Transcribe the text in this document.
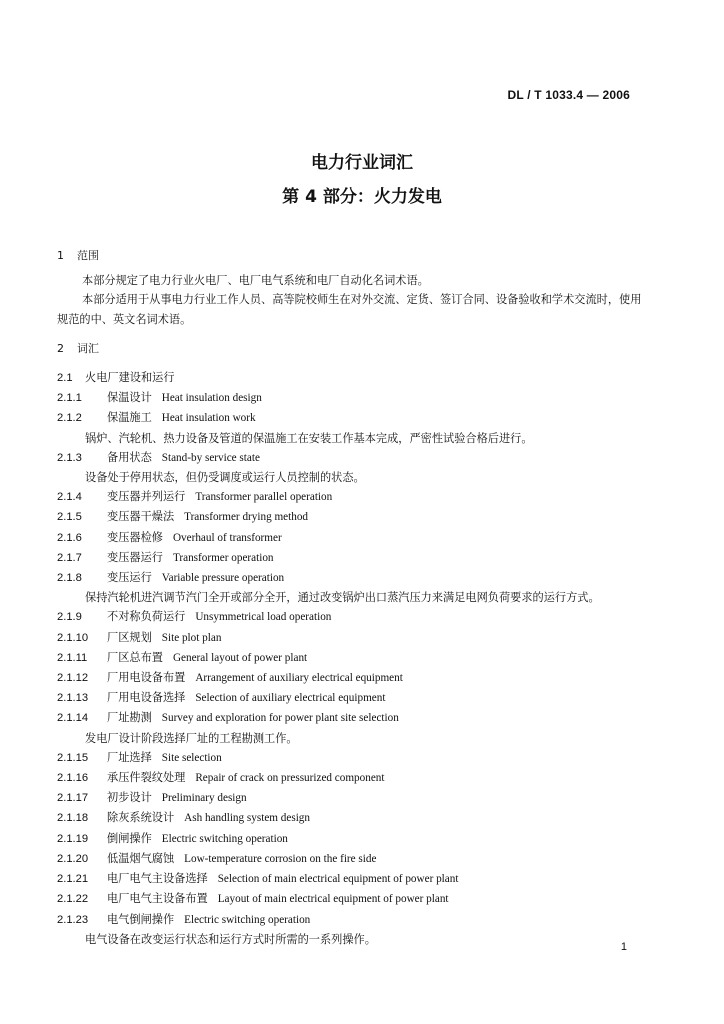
DL / T 1033.4 — 2006
电力行业词汇
第 4 部分：火力发电
1 范围
本部分规定了电力行业火电厂、电厂电气系统和电厂自动化名词术语。
本部分适用于从事电力行业工作人员、高等院校师生在对外交流、定货、签订合同、设备验收和学术交流时，使用规范的中、英文名词术语。
2 词汇
2.1 火电厂建设和运行
2.1.1 保温设计 Heat insulation design
2.1.2 保温施工 Heat insulation work
锅炉、汽轮机、热力设备及管道的保温施工在安装工作基本完成，严密性试验合格后进行。
2.1.3 备用状态 Stand-by service state
设备处于停用状态，但仍受调度或运行人员控制的状态。
2.1.4 变压器并列运行 Transformer parallel operation
2.1.5 变压器干燥法 Transformer drying method
2.1.6 变压器检修 Overhaul of transformer
2.1.7 变压器运行 Transformer operation
2.1.8 变压运行 Variable pressure operation
保持汽轮机进汽调节汽门全开或部分全开，通过改变锅炉出口蒸汽压力来满足电网负荷要求的运行方式。
2.1.9 不对称负荷运行 Unsymmetrical load operation
2.1.10 厂区规划 Site plot plan
2.1.11 厂区总布置 General layout of power plant
2.1.12 厂用电设备布置 Arrangement of auxiliary electrical equipment
2.1.13 厂用电设备选择 Selection of auxiliary electrical equipment
2.1.14 厂址勘测 Survey and exploration for power plant site selection
发电厂设计阶段选择厂址的工程勘测工作。
2.1.15 厂址选择 Site selection
2.1.16 承压件裂纹处理 Repair of crack on pressurized component
2.1.17 初步设计 Preliminary design
2.1.18 除灰系统设计 Ash handling system design
2.1.19 倒闸操作 Electric switching operation
2.1.20 低温烟气腐蚀 Low-temperature corrosion on the fire side
2.1.21 电厂电气主设备选择 Selection of main electrical equipment of power plant
2.1.22 电厂电气主设备布置 Layout of main electrical equipment of power plant
2.1.23 电气倒闸操作 Electric switching operation
电气设备在改变运行状态和运行方式时所需的一系列操作。
1
